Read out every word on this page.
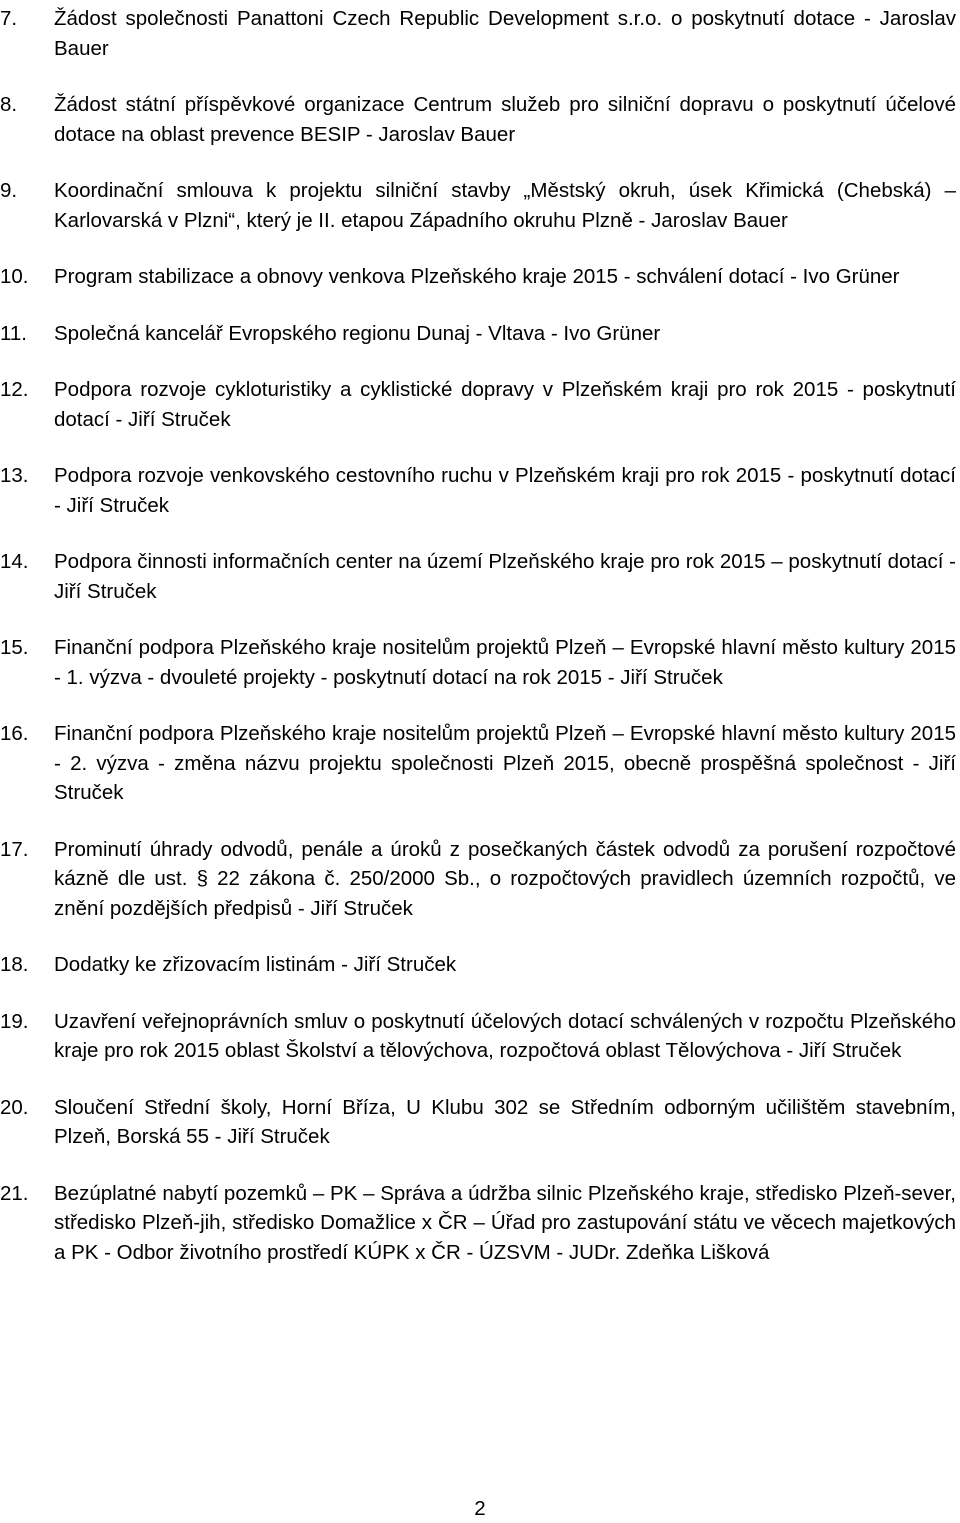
7.	Žádost společnosti Panattoni Czech Republic Development s.r.o. o poskytnutí dotace - Jaroslav Bauer
8.	Žádost státní příspěvkové organizace Centrum služeb pro silniční dopravu o poskytnutí účelové dotace na oblast prevence BESIP - Jaroslav Bauer
9.	Koordinační smlouva k projektu silniční stavby „Městský okruh, úsek Křimická (Chebská) – Karlovarská v Plzni“, který je II. etapou Západního okruhu Plzně - Jaroslav Bauer
10.	Program stabilizace a obnovy venkova Plzeňského kraje 2015 - schválení dotací - Ivo Grüner
11.	Společná kancelář Evropského regionu Dunaj - Vltava - Ivo Grüner
12.	Podpora rozvoje cykloturistiky a cyklistické dopravy v Plzeňském kraji pro rok 2015 - poskytnutí dotací - Jiří Struček
13.	Podpora rozvoje venkovského cestovního ruchu v Plzeňském kraji pro rok 2015 - poskytnutí dotací - Jiří Struček
14.	Podpora činnosti informačních center na území Plzeňského kraje pro rok 2015 – poskytnutí dotací - Jiří Struček
15.	Finanční podpora Plzeňského kraje nositelům projektů Plzeň – Evropské hlavní město kultury 2015 - 1. výzva - dvouleté projekty - poskytnutí dotací na rok 2015 - Jiří Struček
16.	Finanční podpora Plzeňského kraje nositelům projektů Plzeň – Evropské hlavní město kultury 2015 - 2. výzva - změna názvu projektu společnosti Plzeň 2015, obecně prospěšná společnost - Jiří Struček
17.	Prominutí úhrady odvodů, penále a úroků z posečkaných částek odvodů za porušení rozpočtové kázně dle ust. § 22 zákona č. 250/2000 Sb., o rozpočtových pravidlech územních rozpočtů, ve znění pozdějších předpisů - Jiří Struček
18.	Dodatky ke zřizovacím listinám - Jiří Struček
19.	Uzavření veřejnoprávních smluv o poskytnutí účelových dotací schválených v rozpočtu Plzeňského kraje pro rok 2015 oblast Školství a tělovýchova, rozpočtová oblast Tělovýchova - Jiří Struček
20.	Sloučení Střední školy, Horní Bříza, U Klubu 302 se Středním odborným učilištěm stavebním, Plzeň, Borská 55 - Jiří Struček
21.	Bezúplatné nabytí pozemků – PK – Správa a údržba silnic Plzeňského kraje, středisko Plzeň-sever, středisko Plzeň-jih, středisko Domažlice x ČR – Úřad pro zastupování státu ve věcech majetkových a PK - Odbor životního prostředí KÚPK x ČR - ÚZSVM - JUDr. Zdeňka Lišková
2
